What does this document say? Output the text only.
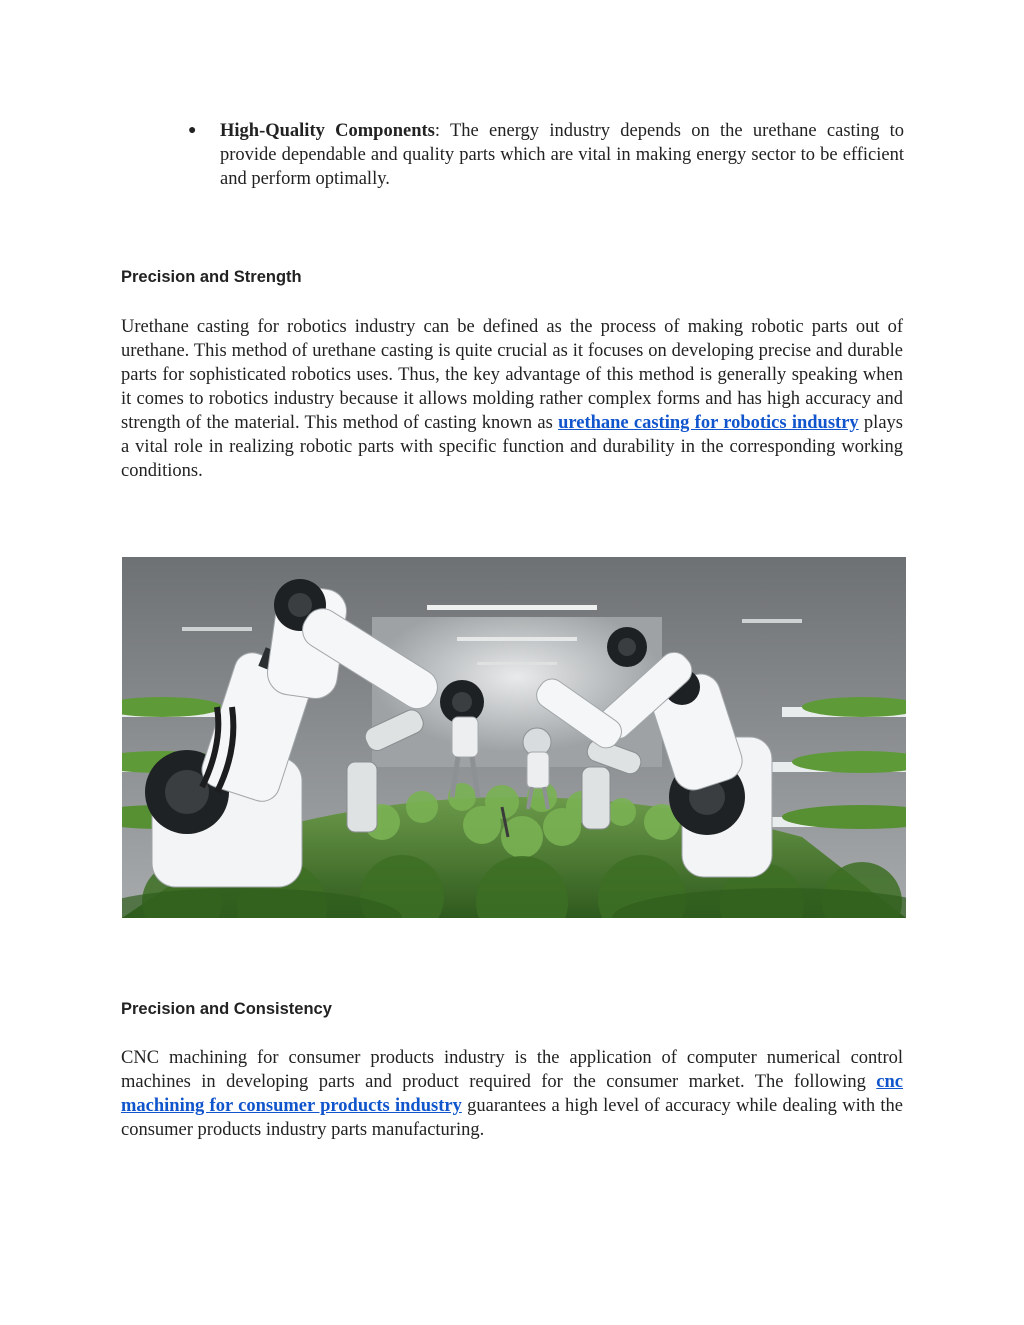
●	High-Quality Components: The energy industry depends on the urethane casting to provide dependable and quality parts which are vital in making energy sector to be efficient and perform optimally.
Precision and Strength
Urethane casting for robotics industry can be defined as the process of making robotic parts out of urethane. This method of urethane casting is quite crucial as it focuses on developing precise and durable parts for sophisticated robotics uses. Thus, the key advantage of this method is generally speaking when it comes to robotics industry because it allows molding rather complex forms and has high accuracy and strength of the material. This method of casting known as urethane casting for robotics industry plays a vital role in realizing robotic parts with specific function and durability in the corresponding working conditions.
Precision and Consistency
CNC machining for consumer products industry is the application of computer numerical control machines in developing parts and product required for the consumer market. The following cnc machining for consumer products industry guarantees a high level of accuracy while dealing with the consumer products industry parts manufacturing.
